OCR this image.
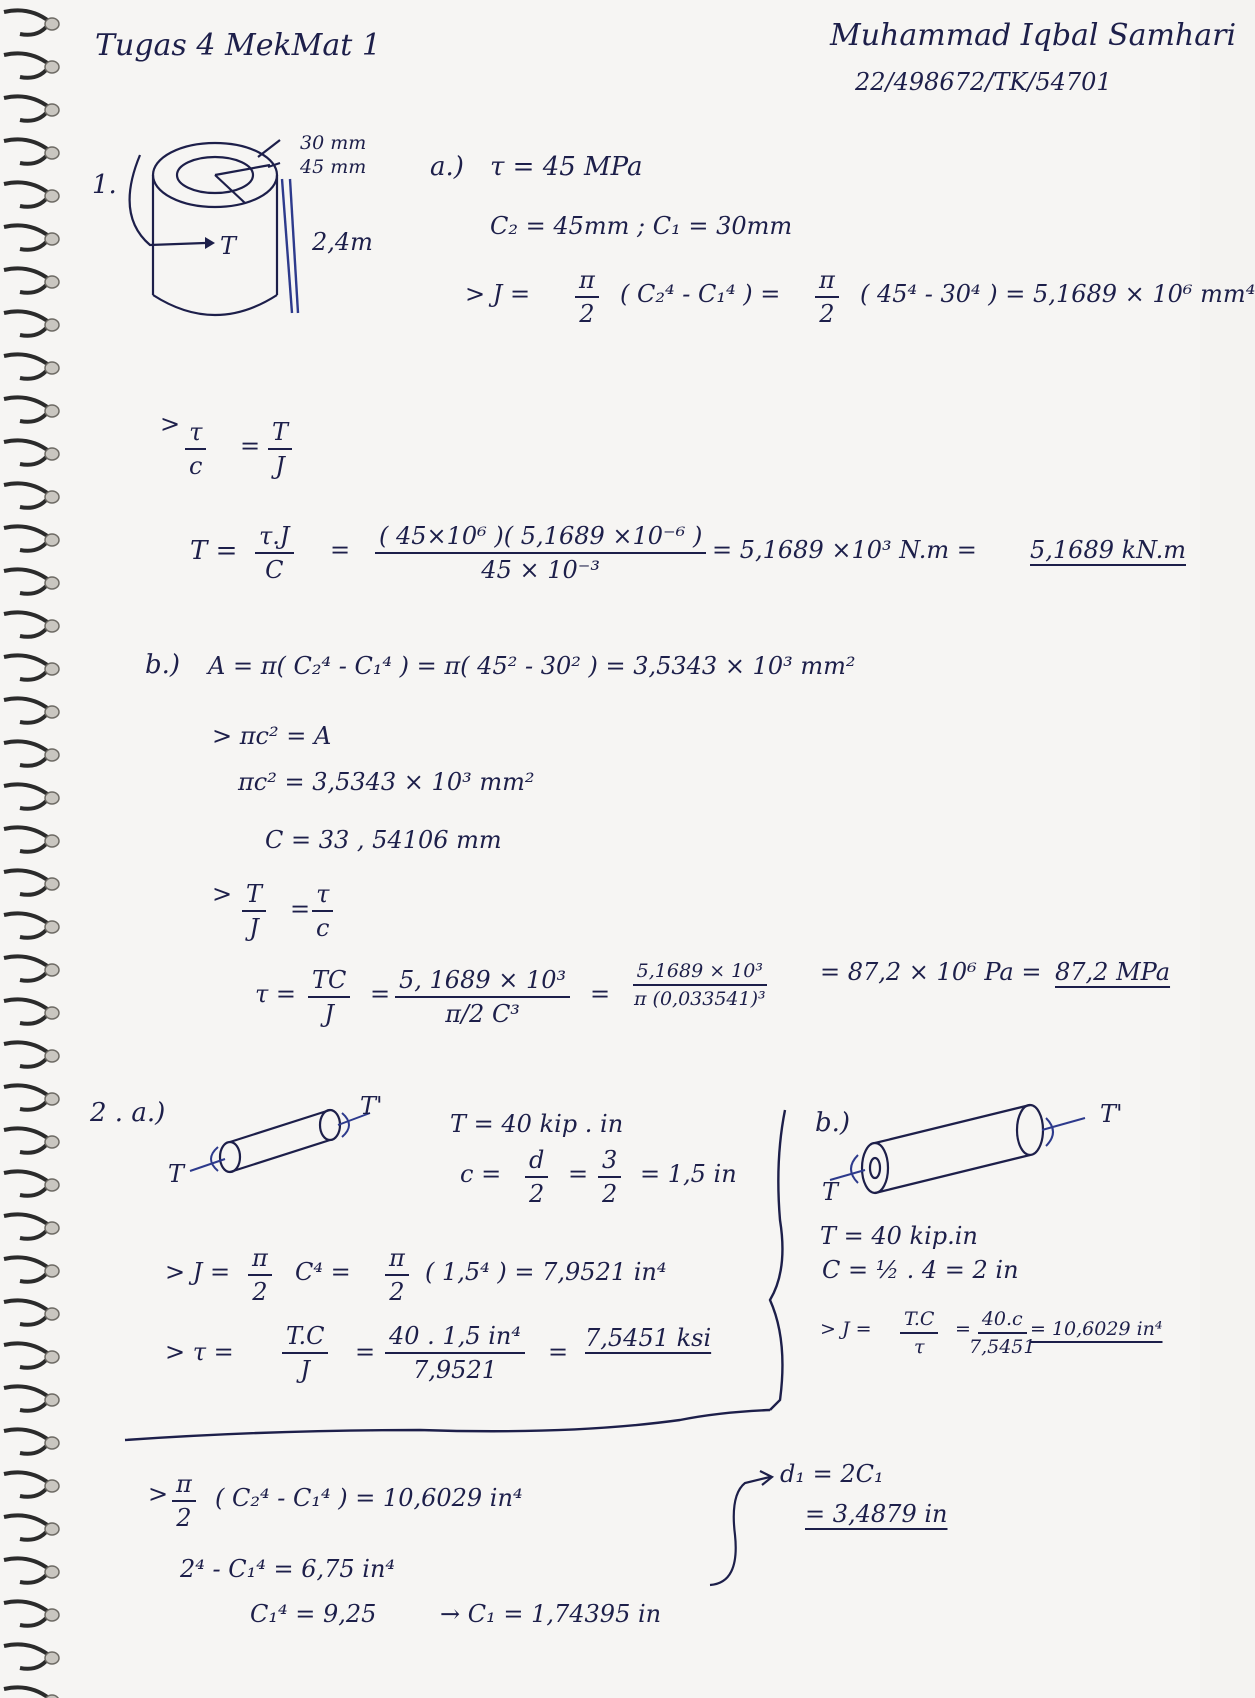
Tugas 4 MekMat 1	Muhammad Iqbal Samhari
22/498672/TK/54701
1.
30 mm
45 mm
T	2,4m
a.) τ = 45 MPa
C₂ = 45mm ; C₁ = 30mm
> $J = \frac{\pi}{2}$ ( C₂⁴ - C₁⁴ ) = $\frac{\pi}{2}$ ( 45⁴ - 30⁴ ) = 5,1689 × 10⁶ mm⁴
> $\frac{\tau}{c} = \frac{T}{J}$
$T = \frac{\tau.J}{C} = \frac{\text{( 45×10⁶ )( 5,1689 ×10⁻⁶ )}}{\text{45 × 10⁻³}} = 5,1689 \times 10^3$ N.m = 5,1689 kN.m
b.) A = π( C₂⁴ - C₁⁴ ) = π( 45² - 30² ) = 3,5343 × 10³ mm²
> πc² = A
πc² = 3,5343 × 10³ mm²
C = 33 , 54106 mm
> $\frac{T}{J} = \frac{\tau}{c}$
$\tau = \frac{TC}{J} = \frac{\text{5, 1689 × 10³}}{\text{π/2 C³}} = \frac{\text{5,1689 × 10³}}{\text{π (0,033541)³}} = 87,2 \times 10^6$ Pa = 87,2 MPa
2 . a.)
T
T'
T = 40 kip . in
$c = \frac{d}{2} = \frac{3}{2} = 1,5$ in
> $J = \frac{\pi}{2} C^4 = \frac{\pi}{2}$ ( 1,5⁴ ) = 7,9521 in⁴
> $\tau = \frac{T.C}{J} = \frac{\text{40 . 1,5 in⁴}}{7,9521} = 7,5451$ ksi
b.)
T
T'
T = 40 kip.in
C = ½ . 4 = 2 in
> $J = \frac{T.C}{\tau}$ =
$\frac{40.c}{7,5451}$
= 10,6029 in⁴
> $\frac{\pi}{2}$ ( C₂⁴ - C₁⁴ ) = 10,6029 in⁴
2⁴ - C₁⁴ = 6,75 in⁴
C₁⁴ = 9,25	→ C₁ = 1,74395 in
d₁ = 2C₁
= 3,4879 in
